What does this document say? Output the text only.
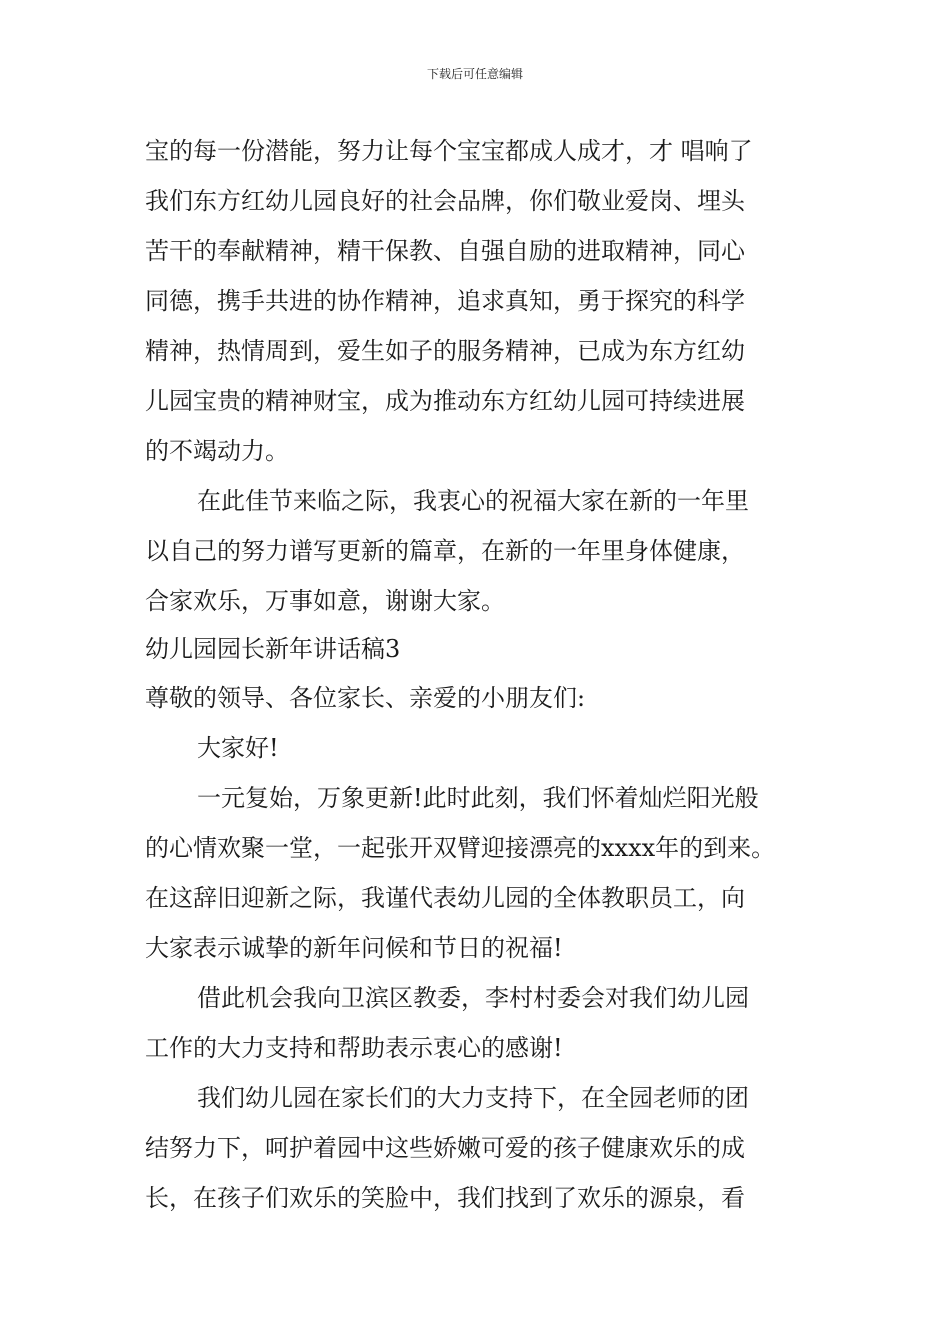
下载后可任意编辑
宝的每一份潜能，努力让每个宝宝都成人成才，才 唱响了
我们东方红幼儿园良好的社会品牌，你们敬业爱岗、埋头
苦干的奉献精神，精干保教、自强自励的进取精神，同心
同德，携手共进的协作精神，追求真知，勇于探究的科学
精神，热情周到，爱生如子的服务精神，已成为东方红幼
儿园宝贵的精神财宝，成为推动东方红幼儿园可持续进展
的不竭动力。
在此佳节来临之际，我衷心的祝福大家在新的一年里
以自己的努力谱写更新的篇章，在新的一年里身体健康，
合家欢乐，万事如意，谢谢大家。
幼儿园园长新年讲话稿3
尊敬的领导、各位家长、亲爱的小朋友们:
大家好!
一元复始，万象更新!此时此刻，我们怀着灿烂阳光般
的心情欢聚一堂，一起张开双臂迎接漂亮的xxxx年的到来。
在这辞旧迎新之际，我谨代表幼儿园的全体教职员工，向
大家表示诚挚的新年问候和节日的祝福!
借此机会我向卫滨区教委，李村村委会对我们幼儿园
工作的大力支持和帮助表示衷心的感谢!
我们幼儿园在家长们的大力支持下，在全园老师的团
结努力下，呵护着园中这些娇嫩可爱的孩子健康欢乐的成
长，在孩子们欢乐的笑脸中，我们找到了欢乐的源泉，看
